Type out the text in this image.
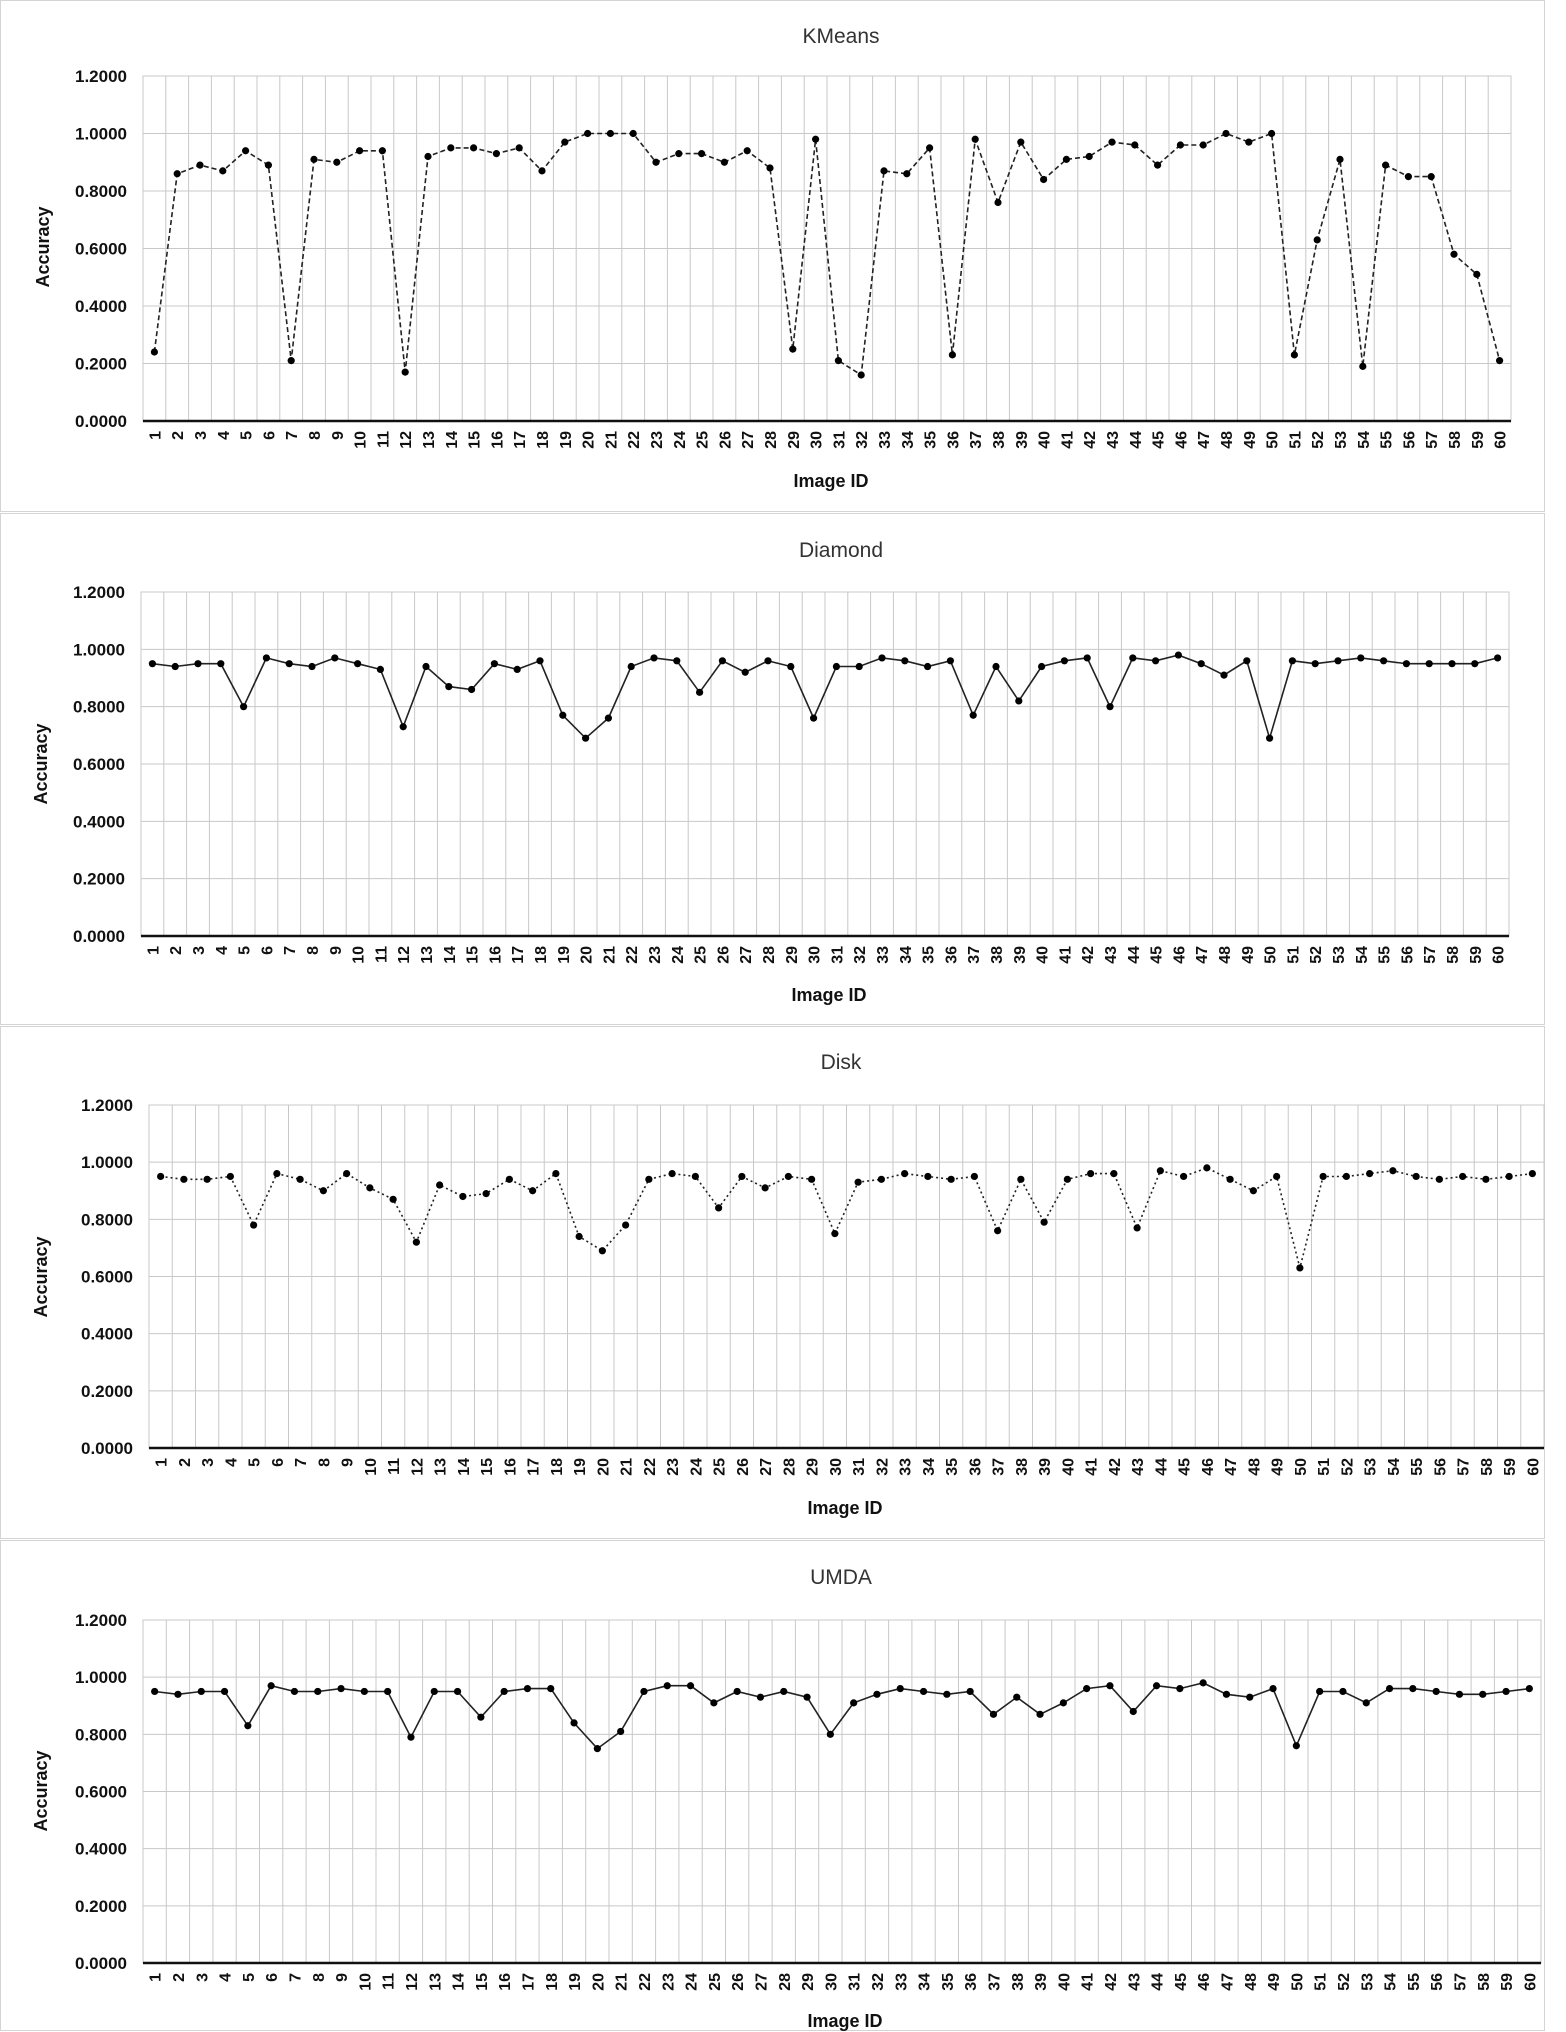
KMeans
Accuracy
Image ID
0.0000
0.2000
0.4000
0.6000
0.8000
1.0000
1.2000
1 2 3 4 5 6 7 8 9 10 11 12 13 14 15 16 17 18 19 20 21 22 23 24 25 26 27 28 29 30 31 32 33 34 35 36 37 38 39 40 41 42 43 44 45 46 47 48 49 50 51 52 53 54 55 56 57 58 59 60
Diamond
Accuracy
Image ID
0.0000
0.2000
0.4000
0.6000
0.8000
1.0000
1.2000
1 2 3 4 5 6 7 8 9 10 11 12 13 14 15 16 17 18 19 20 21 22 23 24 25 26 27 28 29 30 31 32 33 34 35 36 37 38 39 40 41 42 43 44 45 46 47 48 49 50 51 52 53 54 55 56 57 58 59 60
Disk
Accuracy
Image ID
0.0000
0.2000
0.4000
0.6000
0.8000
1.0000
1.2000
1 2 3 4 5 6 7 8 9 10 11 12 13 14 15 16 17 18 19 20 21 22 23 24 25 26 27 28 29 30 31 32 33 34 35 36 37 38 39 40 41 42 43 44 45 46 47 48 49 50 51 52 53 54 55 56 57 58 59 60
UMDA
Accuracy
Image ID
0.0000
0.2000
0.4000
0.6000
0.8000
1.0000
1.2000
1 2 3 4 5 6 7 8 9 10 11 12 13 14 15 16 17 18 19 20 21 22 23 24 25 26 27 28 29 30 31 32 33 34 35 36 37 38 39 40 41 42 43 44 45 46 47 48 49 50 51 52 53 54 55 56 57 58 59 60
